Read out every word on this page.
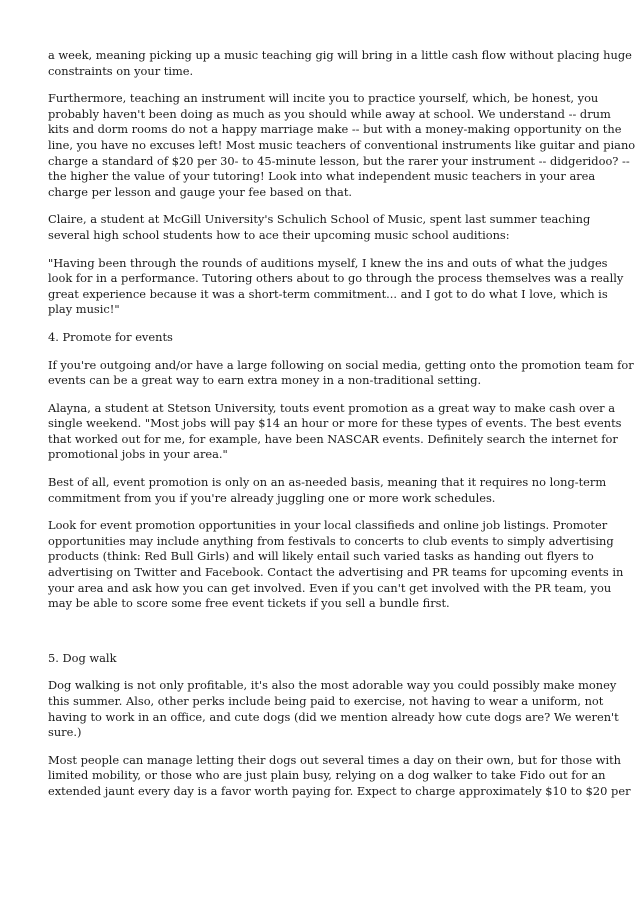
a week, meaning picking up a music teaching gig will bring in a little cash flow without placing huge
constraints on your time.

Furthermore, teaching an instrument will incite you to practice yourself, which, be honest, you
probably haven't been doing as much as you should while away at school. We understand -- drum
kits and dorm rooms do not a happy marriage make -- but with a money-making opportunity on the
line, you have no excuses left! Most music teachers of conventional instruments like guitar and piano
charge a standard of $20 per 30- to 45-minute lesson, but the rarer your instrument -- didgeridoo? --
the higher the value of your tutoring! Look into what independent music teachers in your area
charge per lesson and gauge your fee based on that.

Claire, a student at McGill University's Schulich School of Music, spent last summer teaching
several high school students how to ace their upcoming music school auditions:

"Having been through the rounds of auditions myself, I knew the ins and outs of what the judges
look for in a performance. Tutoring others about to go through the process themselves was a really
great experience because it was a short-term commitment... and I got to do what I love, which is
play music!"

4. Promote for events

If you're outgoing and/or have a large following on social media, getting onto the promotion team for
events can be a great way to earn extra money in a non-traditional setting.

Alayna, a student at Stetson University, touts event promotion as a great way to make cash over a
single weekend. "Most jobs will pay $14 an hour or more for these types of events. The best events
that worked out for me, for example, have been NASCAR events. Definitely search the internet for
promotional jobs in your area."

Best of all, event promotion is only on an as-needed basis, meaning that it requires no long-term
commitment from you if you're already juggling one or more work schedules.

Look for event promotion opportunities in your local classifieds and online job listings. Promoter
opportunities may include anything from festivals to concerts to club events to simply advertising
products (think: Red Bull Girls) and will likely entail such varied tasks as handing out flyers to
advertising on Twitter and Facebook. Contact the advertising and PR teams for upcoming events in
your area and ask how you can get involved. Even if you can't get involved with the PR team, you
may be able to score some free event tickets if you sell a bundle first.

5. Dog walk

Dog walking is not only profitable, it's also the most adorable way you could possibly make money
this summer. Also, other perks include being paid to exercise, not having to wear a uniform, not
having to work in an office, and cute dogs (did we mention already how cute dogs are? We weren't
sure.)

Most people can manage letting their dogs out several times a day on their own, but for those with
limited mobility, or those who are just plain busy, relying on a dog walker to take Fido out for an
extended jaunt every day is a favor worth paying for. Expect to charge approximately $10 to $20 per
